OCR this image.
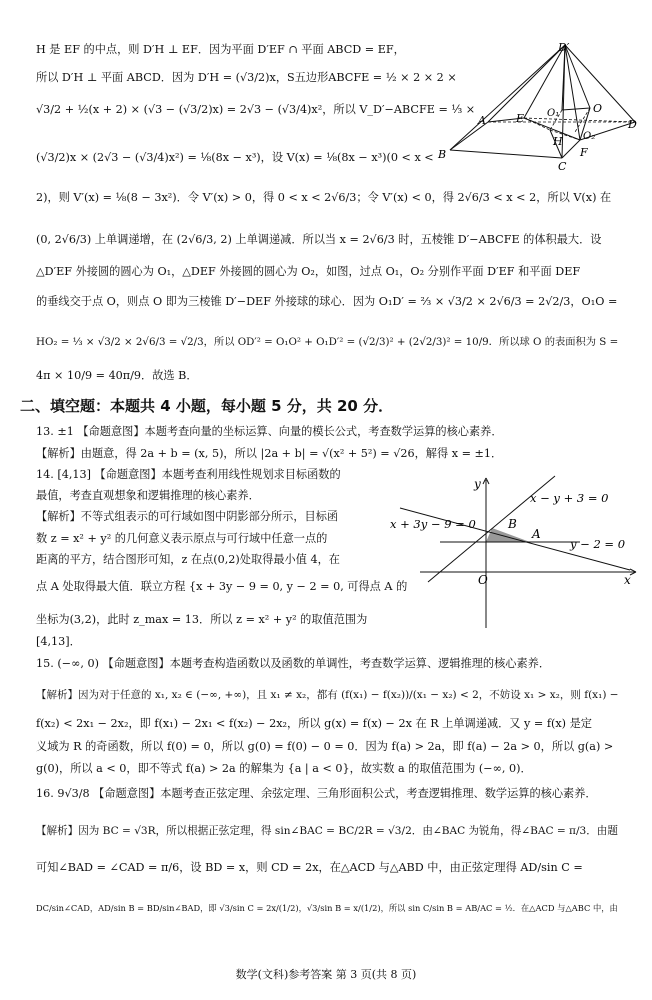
H 是 EF 的中点，则 D′H ⊥ EF．因为平面 D′EF ∩ 平面 ABCD = EF，
所以 D′H ⊥ 平面 ABCD．因为 D′H = (√3/2)x，S五边形ABCFE = ½ × 2 × 2 ×
√3/2 + ½(x + 2) × (√3 − (√3/2)x) = 2√3 − (√3/4)x²，所以 V_D′−ABCFE = ⅓ ×
(√3/2)x × (2√3 − (√3/4)x²) = ⅛(8x − x³)，设 V(x) = ⅛(8x − x³)(0 < x <
2)，则 V′(x) = ⅛(8 − 3x²)．令 V′(x) > 0，得 0 < x < 2√6/3；令 V′(x) < 0，得 2√6/3 < x < 2，所以 V(x) 在
(0, 2√6/3) 上单调递增，在 (2√6/3, 2) 上单调递减．所以当 x = 2√6/3 时，五棱锥 D′−ABCFE 的体积最大．设
△D′EF 外接圆的圆心为 O₁，△DEF 外接圆的圆心为 O₂，如图，过点 O₁，O₂ 分别作平面 D′EF 和平面 DEF
的垂线交于点 O，则点 O 即为三棱锥 D′−DEF 外接球的球心．因为 O₁D′ = ⅔ × √3/2 × 2√6/3 = 2√2/3，O₁O =
HO₂ = ⅓ × √3/2 × 2√6/3 = √2/3，所以 OD′² = O₁O² + O₁D′² = (√2/3)² + (2√2/3)² = 10/9．所以球 O 的表面积为 S =
4π × 10/9 = 40π/9．故选 B．
D′
O
O₁
O₂
A	E	D
B
H
F
C
二、填空题：本题共 4 小题，每小题 5 分，共 20 分．
13. ±1 【命题意图】本题考查向量的坐标运算、向量的模长公式，考查数学运算的核心素养．
【解析】由题意，得 2a + b = (x, 5)，所以 |2a + b| = √(x² + 5²) = √26，解得 x = ±1．
14. [4,13] 【命题意图】本题考查利用线性规划求目标函数的
最值，考查直观想象和逻辑推理的核心素养．
【解析】不等式组表示的可行域如图中阴影部分所示，目标函
数 z = x² + y² 的几何意义表示原点与可行域中任意一点的
距离的平方，结合图形可知，z 在点(0,2)处取得最小值 4，在
点 A 处取得最大值．联立方程 {x + 3y − 9 = 0, y − 2 = 0, 可得点 A 的
坐标为(3,2)，此时 z_max = 13．所以 z = x² + y² 的取值范围为
[4,13]．
y
x
O
B
A
x − y + 3 = 0
x + 3y − 9 = 0
y − 2 = 0
15. (−∞, 0) 【命题意图】本题考查构造函数以及函数的单调性，考查数学运算、逻辑推理的核心素养．
【解析】因为对于任意的 x₁, x₂ ∈ (−∞, +∞)，且 x₁ ≠ x₂，都有 (f(x₁) − f(x₂))/(x₁ − x₂) < 2，不妨设 x₁ > x₂，则 f(x₁) −
f(x₂) < 2x₁ − 2x₂，即 f(x₁) − 2x₁ < f(x₂) − 2x₂，所以 g(x) = f(x) − 2x 在 R 上单调递减．又 y = f(x) 是定
义域为 R 的奇函数，所以 f(0) = 0，所以 g(0) = f(0) − 0 = 0．因为 f(a) > 2a，即 f(a) − 2a > 0，所以 g(a) >
g(0)，所以 a < 0，即不等式 f(a) > 2a 的解集为 {a | a < 0}，故实数 a 的取值范围为 (−∞, 0)．
16. 9√3/8 【命题意图】本题考查正弦定理、余弦定理、三角形面积公式，考查逻辑推理、数学运算的核心素养．
【解析】因为 BC = √3R，所以根据正弦定理，得 sin∠BAC = BC/2R = √3/2．由∠BAC 为锐角，得∠BAC = π/3．由题
可知∠BAD = ∠CAD = π/6，设 BD = x，则 CD = 2x，在△ACD 与△ABD 中，由正弦定理得 AD/sin C =
DC/sin∠CAD，AD/sin B = BD/sin∠BAD，即 √3/sin C = 2x/(1/2)，√3/sin B = x/(1/2)，所以 sin C/sin B = AB/AC = ½．在△ACD 与△ABC 中，由
数学(文科)参考答案 第 3 页(共 8 页)
